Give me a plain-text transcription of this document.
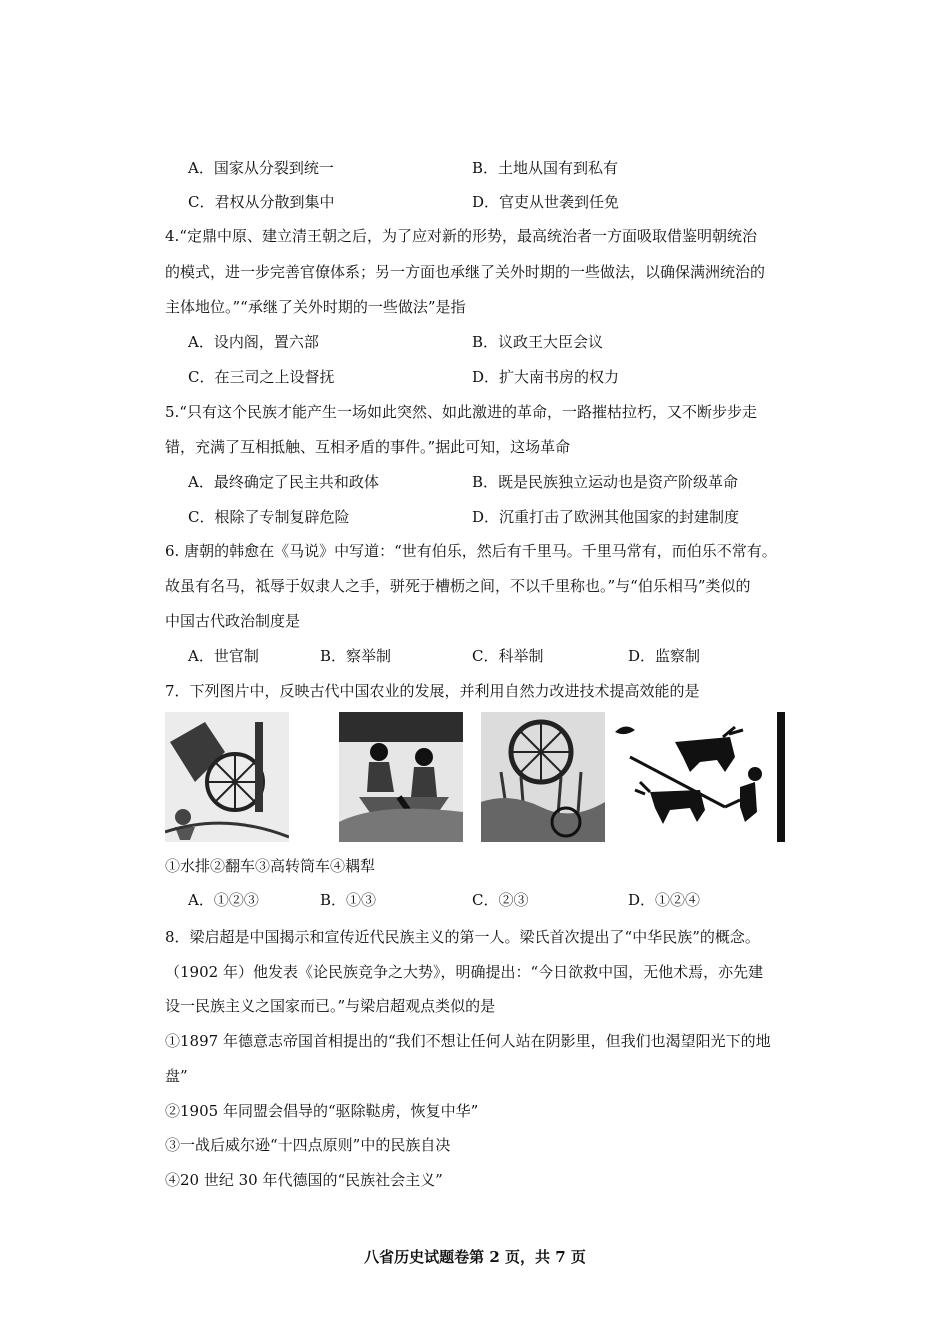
A．国家从分裂到统一	B．土地从国有到私有
C．君权从分散到集中	D．官吏从世袭到任免
4.“定鼎中原、建立清王朝之后，为了应对新的形势，最高统治者一方面吸取借鉴明朝统治
的模式，进一步完善官僚体系；另一方面也承继了关外时期的一些做法，以确保满洲统治的
主体地位。”“承继了关外时期的一些做法”是指
A．设内阁，置六部	B．议政王大臣会议
C．在三司之上设督抚	D．扩大南书房的权力
5.“只有这个民族才能产生一场如此突然、如此激进的革命，一路摧枯拉朽，又不断步步走
错，充满了互相抵触、互相矛盾的事件。”据此可知，这场革命
A．最终确定了民主共和政体	B．既是民族独立运动也是资产阶级革命
C．根除了专制复辟危险	D．沉重打击了欧洲其他国家的封建制度
6. 唐朝的韩愈在《马说》中写道：“世有伯乐，然后有千里马。千里马常有，而伯乐不常有。
故虽有名马，祗辱于奴隶人之手，骈死于槽枥之间，不以千里称也。”与“伯乐相马”类似的
中国古代政治制度是
A．世官制	B．察举制	C．科举制	D．监察制
7．下列图片中，反映古代中国农业的发展，并利用自然力改进技术提高效能的是
①水排②翻车③高转筒车④耦犁
A．①②③	B．①③	C．②③	D．①②④
8．梁启超是中国揭示和宣传近代民族主义的第一人。梁氏首次提出了“中华民族”的概念。
（1902 年）他发表《论民族竞争之大势》，明确提出：“今日欲救中国，无他术焉，亦先建
设一民族主义之国家而已。”与梁启超观点类似的是
①1897 年德意志帝国首相提出的“我们不想让任何人站在阴影里，但我们也渴望阳光下的地
盘”
②1905 年同盟会倡导的“驱除鞑虏，恢复中华”
③一战后威尔逊“十四点原则”中的民族自决
④20 世纪 30 年代德国的“民族社会主义”
八省历史试题卷第 2 页，共 7 页
